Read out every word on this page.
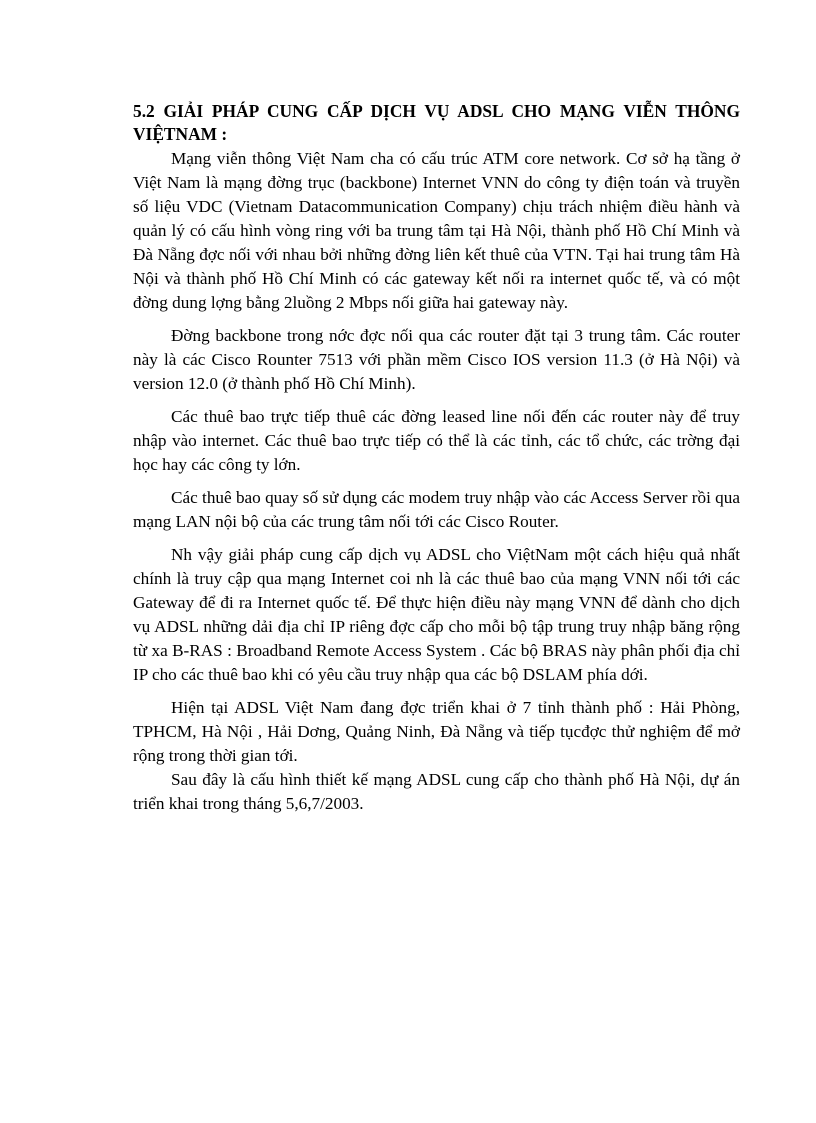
5.2 GIẢI PHÁP CUNG CẤP DỊCH VỤ ADSL CHO MẠNG VIỄN THÔNG VIỆTNAM :
Mạng viễn thông Việt Nam cha có cấu trúc ATM core network. Cơ sở hạ tầng ở Việt Nam là mạng đờng trục (backbone) Internet VNN do công ty điện toán và truyền số liệu VDC (Vietnam Datacommunication Company) chịu trách nhiệm điều hành và quản lý có cấu hình vòng ring với ba trung tâm tại Hà Nội, thành phố Hồ Chí Minh và Đà Nẵng đợc nối với nhau bởi những đờng liên kết thuê của VTN. Tại hai trung tâm Hà Nội và thành phố Hồ Chí Minh có các gateway kết nối ra internet quốc tế, và có một đờng dung lợng bằng 2luồng 2 Mbps nối giữa hai gateway này.
Đờng backbone trong nớc đợc nối qua các router đặt tại 3 trung tâm. Các router này là các Cisco Rounter 7513 với phần mềm Cisco IOS version 11.3 (ở Hà Nội) và version 12.0 (ở thành phố Hồ Chí Minh).
Các thuê bao trực tiếp thuê các đờng leased line nối đến các router này để truy nhập vào internet. Các thuê bao trực tiếp có thể là các tỉnh, các tổ chức, các trờng đại học hay các công ty lớn.
Các thuê bao quay số sử dụng các modem truy nhập vào các Access Server rồi qua mạng LAN nội bộ của các trung tâm nối tới các Cisco Router.
Nh vậy giải pháp cung cấp dịch vụ ADSL cho ViệtNam một cách hiệu quả nhất chính là truy cập qua mạng Internet coi nh là các thuê bao của mạng VNN nối tới các Gateway để đi ra Internet quốc tế. Để thực hiện điều này mạng VNN để dành cho dịch vụ ADSL những dải địa chỉ IP riêng đợc cấp cho mỗi bộ tập trung truy nhập băng rộng từ xa B-RAS : Broadband Remote Access System . Các bộ BRAS này phân phối địa chỉ IP cho các thuê bao khi có yêu cầu truy nhập qua các bộ DSLAM phía dới.
Hiện tại ADSL Việt Nam đang đợc triển khai ở 7 tỉnh thành phố : Hải Phòng, TPHCM, Hà Nội , Hải Dơng, Quảng Ninh, Đà Nẵng và tiếp tụcđợc thử nghiệm để mở rộng trong thời gian tới.
Sau đây là cấu hình thiết kế mạng ADSL cung cấp cho thành phố Hà Nội, dự án triển khai trong tháng 5,6,7/2003.
